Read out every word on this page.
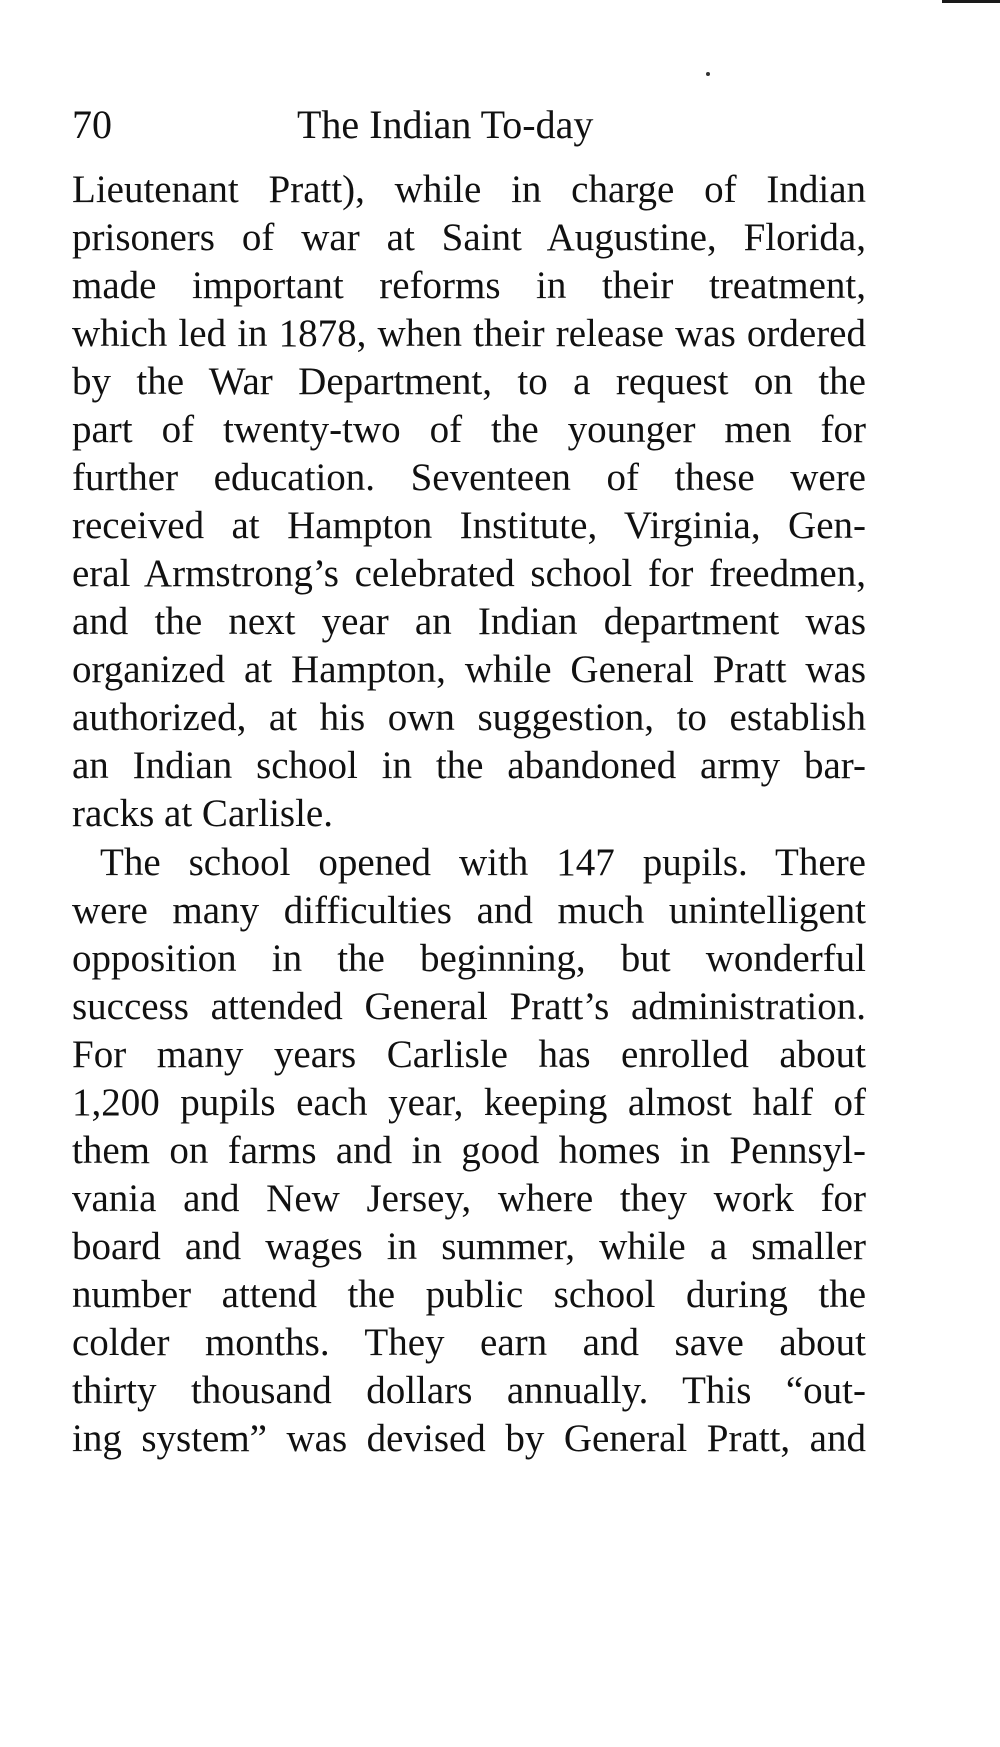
70	The Indian To-day
Lieutenant Pratt), while in charge of Indian
prisoners of war at Saint Augustine, Florida,
made important reforms in their treatment,
which led in 1878, when their release was ordered
by the War Department, to a request on the
part of twenty-two of the younger men for
further education. Seventeen of these were
received at Hampton Institute, Virginia, Gen-
eral Armstrong’s celebrated school for freedmen,
and the next year an Indian department was
organized at Hampton, while General Pratt was
authorized, at his own suggestion, to establish
an Indian school in the abandoned army bar-
racks at Carlisle.
The school opened with 147 pupils. There
were many difficulties and much unintelligent
opposition in the beginning, but wonderful
success attended General Pratt’s administration.
For many years Carlisle has enrolled about
1,200 pupils each year, keeping almost half of
them on farms and in good homes in Pennsyl-
vania and New Jersey, where they work for
board and wages in summer, while a smaller
number attend the public school during the
colder months. They earn and save about
thirty thousand dollars annually. This “out-
ing system” was devised by General Pratt, and
